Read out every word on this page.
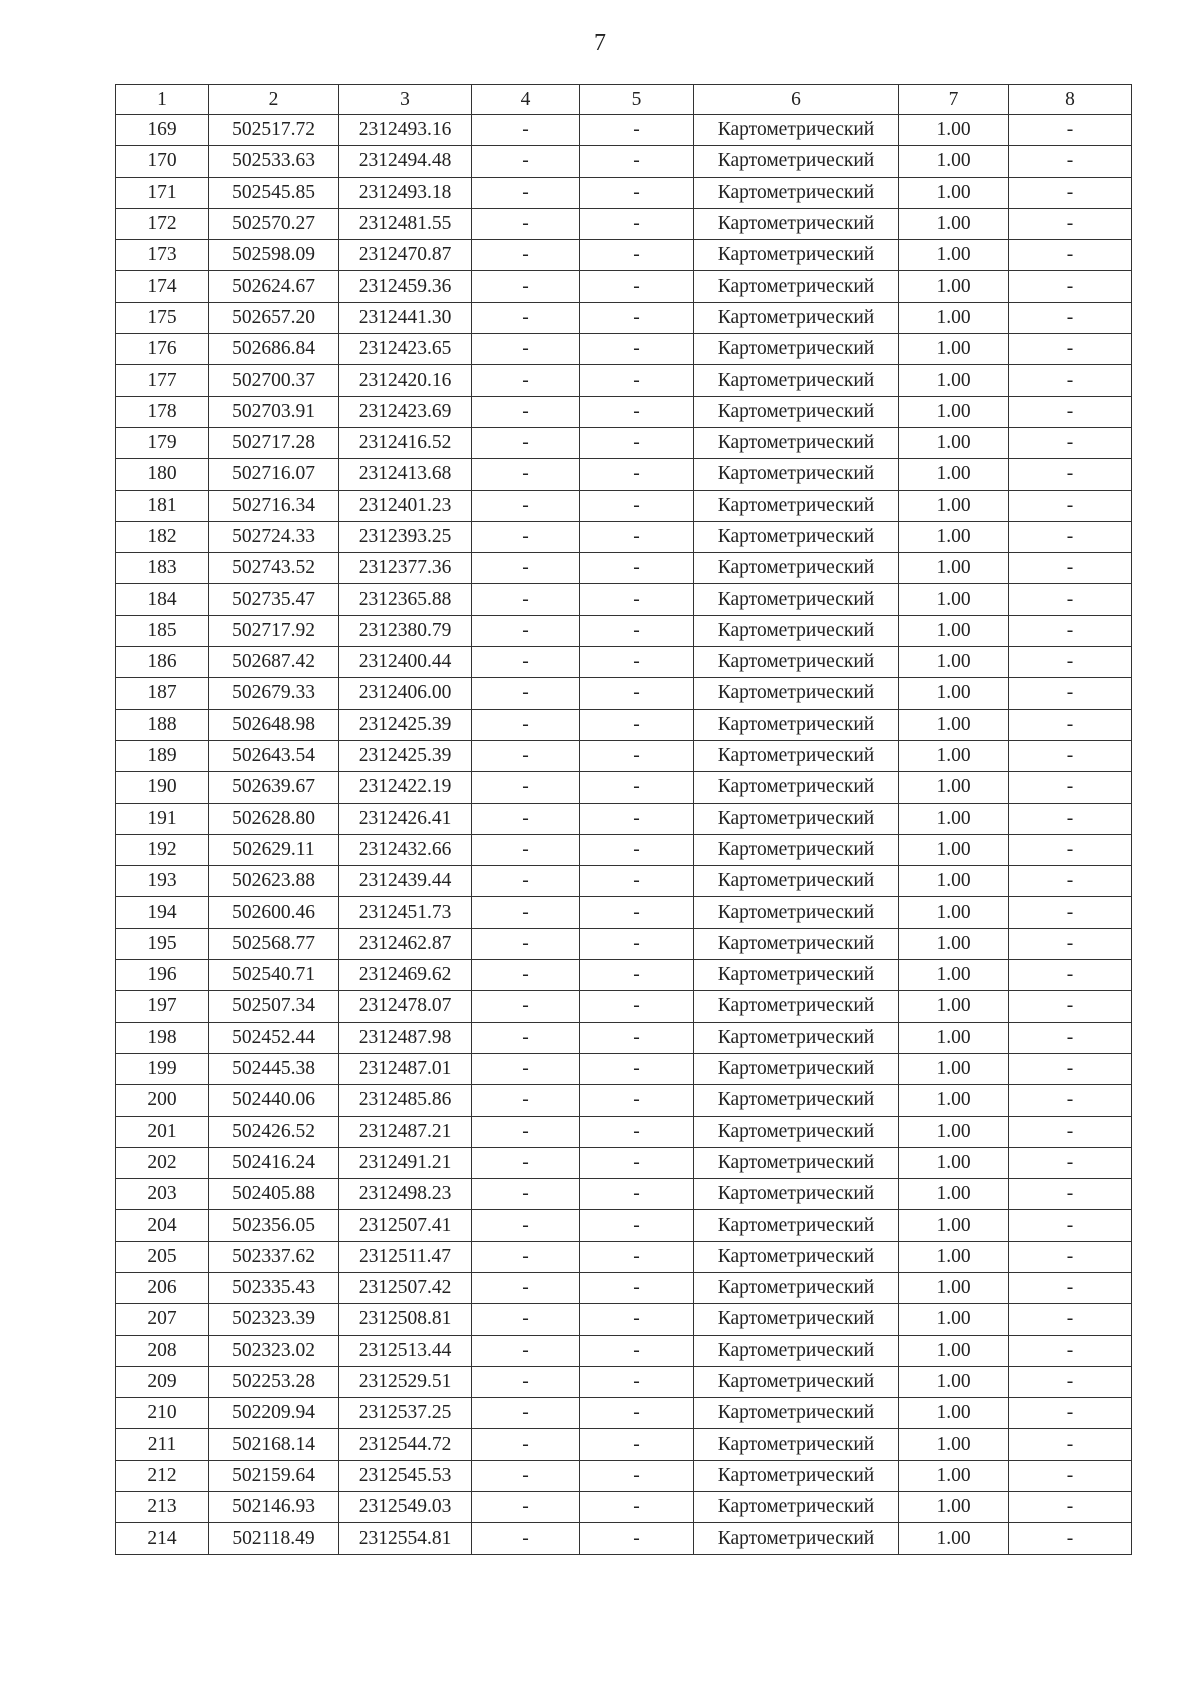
7
1	2	3	4	5	6	7	8
169	502517.72	2312493.16	-	-	Картометрический	1.00	-
170	502533.63	2312494.48	-	-	Картометрический	1.00	-
171	502545.85	2312493.18	-	-	Картометрический	1.00	-
172	502570.27	2312481.55	-	-	Картометрический	1.00	-
173	502598.09	2312470.87	-	-	Картометрический	1.00	-
174	502624.67	2312459.36	-	-	Картометрический	1.00	-
175	502657.20	2312441.30	-	-	Картометрический	1.00	-
176	502686.84	2312423.65	-	-	Картометрический	1.00	-
177	502700.37	2312420.16	-	-	Картометрический	1.00	-
178	502703.91	2312423.69	-	-	Картометрический	1.00	-
179	502717.28	2312416.52	-	-	Картометрический	1.00	-
180	502716.07	2312413.68	-	-	Картометрический	1.00	-
181	502716.34	2312401.23	-	-	Картометрический	1.00	-
182	502724.33	2312393.25	-	-	Картометрический	1.00	-
183	502743.52	2312377.36	-	-	Картометрический	1.00	-
184	502735.47	2312365.88	-	-	Картометрический	1.00	-
185	502717.92	2312380.79	-	-	Картометрический	1.00	-
186	502687.42	2312400.44	-	-	Картометрический	1.00	-
187	502679.33	2312406.00	-	-	Картометрический	1.00	-
188	502648.98	2312425.39	-	-	Картометрический	1.00	-
189	502643.54	2312425.39	-	-	Картометрический	1.00	-
190	502639.67	2312422.19	-	-	Картометрический	1.00	-
191	502628.80	2312426.41	-	-	Картометрический	1.00	-
192	502629.11	2312432.66	-	-	Картометрический	1.00	-
193	502623.88	2312439.44	-	-	Картометрический	1.00	-
194	502600.46	2312451.73	-	-	Картометрический	1.00	-
195	502568.77	2312462.87	-	-	Картометрический	1.00	-
196	502540.71	2312469.62	-	-	Картометрический	1.00	-
197	502507.34	2312478.07	-	-	Картометрический	1.00	-
198	502452.44	2312487.98	-	-	Картометрический	1.00	-
199	502445.38	2312487.01	-	-	Картометрический	1.00	-
200	502440.06	2312485.86	-	-	Картометрический	1.00	-
201	502426.52	2312487.21	-	-	Картометрический	1.00	-
202	502416.24	2312491.21	-	-	Картометрический	1.00	-
203	502405.88	2312498.23	-	-	Картометрический	1.00	-
204	502356.05	2312507.41	-	-	Картометрический	1.00	-
205	502337.62	2312511.47	-	-	Картометрический	1.00	-
206	502335.43	2312507.42	-	-	Картометрический	1.00	-
207	502323.39	2312508.81	-	-	Картометрический	1.00	-
208	502323.02	2312513.44	-	-	Картометрический	1.00	-
209	502253.28	2312529.51	-	-	Картометрический	1.00	-
210	502209.94	2312537.25	-	-	Картометрический	1.00	-
211	502168.14	2312544.72	-	-	Картометрический	1.00	-
212	502159.64	2312545.53	-	-	Картометрический	1.00	-
213	502146.93	2312549.03	-	-	Картометрический	1.00	-
214	502118.49	2312554.81	-	-	Картометрический	1.00	-
